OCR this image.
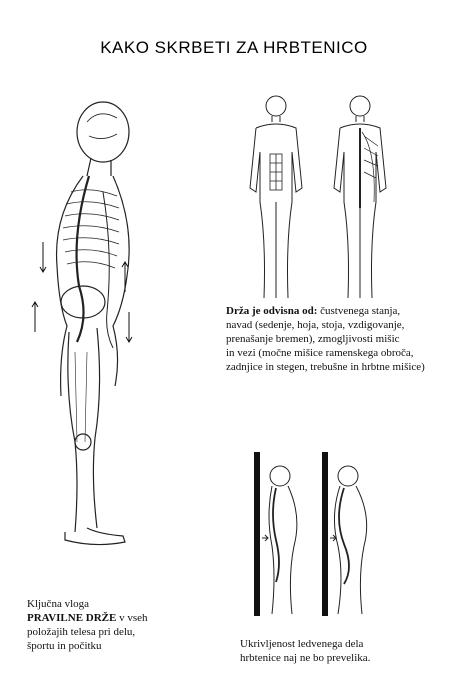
KAKO SKRBETI ZA HRBTENICO
Drža je odvisna od: čustvenega stanja,
navad (sedenje, hoja, stoja, vzdigovanje,
prenašanje bremen), zmogljivosti mišic
in vezi (močne mišice ramenskega obroča,
zadnjice in stegen, trebušne in hrbtne mišice)
Ključna vloga
PRAVILNE DRŽE v vseh
položajih telesa pri delu,
športu in počitku	Ukrivljenost ledvenega dela
hrbtenice naj ne bo prevelika.
